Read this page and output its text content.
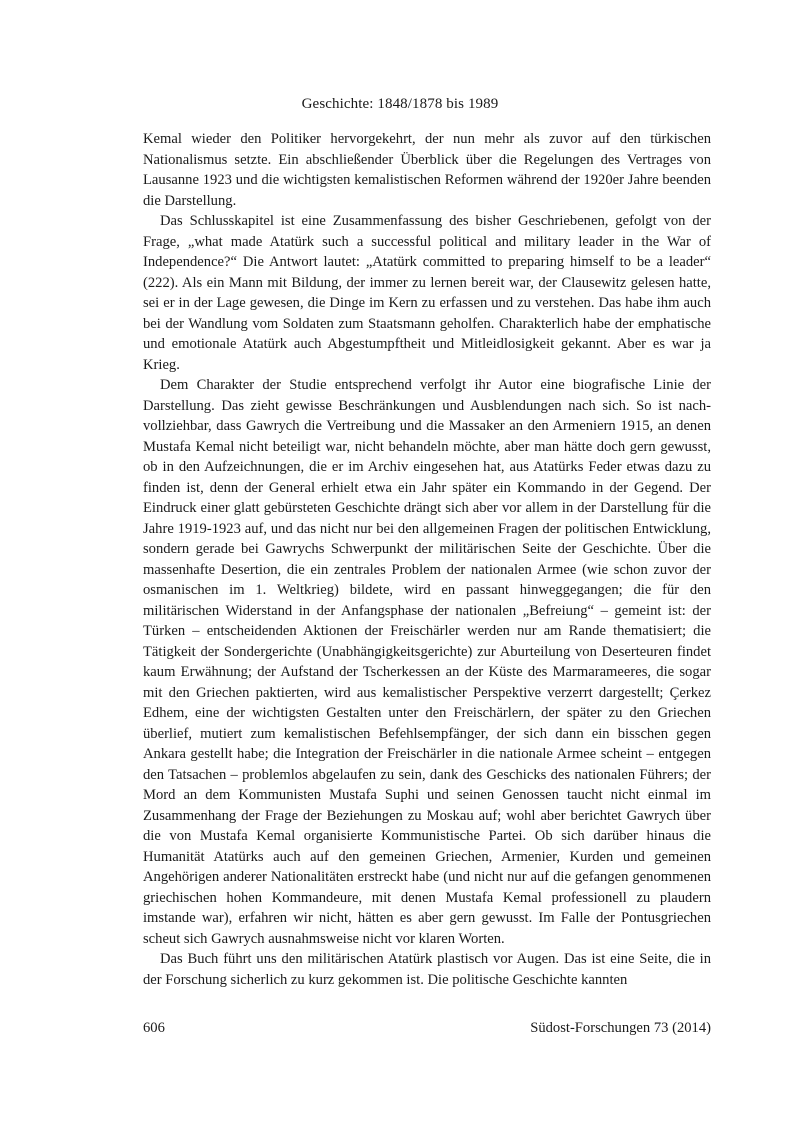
Geschichte: 1848/1878 bis 1989

Kemal wieder den Politiker hervorgekehrt, der nun mehr als zuvor auf den türkischen Nationalismus setzte. Ein abschließender Überblick über die Regelungen des Vertrages von Lausanne 1923 und die wichtigsten kemalistischen Reformen während der 1920er Jahre beenden die Darstellung.

Das Schlusskapitel ist eine Zusammenfassung des bisher Geschriebenen, gefolgt von der Frage, „what made Atatürk such a successful political and military leader in the War of Independence?“ Die Antwort lautet: „Atatürk committed to preparing himself to be a leader“ (222). Als ein Mann mit Bildung, der immer zu lernen bereit war, der Clausewitz gelesen hatte, sei er in der Lage gewesen, die Dinge im Kern zu erfassen und zu verstehen. Das habe ihm auch bei der Wandlung vom Soldaten zum Staatsmann geholfen. Charakterlich habe der emphatische und emotionale Atatürk auch Abgestumpftheit und Mitleidlosigkeit gekannt. Aber es war ja Krieg.

Dem Charakter der Studie entsprechend verfolgt ihr Autor eine biografische Linie der Darstellung. Das zieht gewisse Beschränkungen und Ausblendungen nach sich. So ist nachvollziehbar, dass Gawrych die Vertreibung und die Massaker an den Armeniern 1915, an denen Mustafa Kemal nicht beteiligt war, nicht behandeln möchte, aber man hätte doch gern gewusst, ob in den Aufzeichnungen, die er im Archiv eingesehen hat, aus Atatürks Feder etwas dazu zu finden ist, denn der General erhielt etwa ein Jahr später ein Kommando in der Gegend. Der Eindruck einer glatt gebürsteten Geschichte drängt sich aber vor allem in der Darstellung für die Jahre 1919-1923 auf, und das nicht nur bei den allgemeinen Fragen der politischen Entwicklung, sondern gerade bei Gawrychs Schwerpunkt der militärischen Seite der Geschichte. Über die massenhafte Desertion, die ein zentrales Problem der nationalen Armee (wie schon zuvor der osmanischen im 1. Weltkrieg) bildete, wird en passant hinweggegangen; die für den militärischen Widerstand in der Anfangsphase der nationalen „Befreiung“ – gemeint ist: der Türken – entscheidenden Aktionen der Freischärler werden nur am Rande thematisiert; die Tätigkeit der Sondergerichte (Unabhängigkeitsgerichte) zur Aburteilung von Deserteuren findet kaum Erwähnung; der Aufstand der Tscherkessen an der Küste des Marmarameeres, die sogar mit den Griechen paktierten, wird aus kemalistischer Perspektive verzerrt dargestellt; Çerkez Edhem, eine der wichtigsten Gestalten unter den Freischärlern, der später zu den Griechen überlief, mutiert zum kemalistischen Befehlsempfänger, der sich dann ein bisschen gegen Ankara gestellt habe; die Integration der Freischärler in die nationale Armee scheint – entgegen den Tatsachen – problemlos abgelaufen zu sein, dank des Geschicks des nationalen Führers; der Mord an dem Kommunisten Mustafa Suphi und seinen Genossen taucht nicht einmal im Zusammenhang der Frage der Beziehungen zu Moskau auf; wohl aber berichtet Gawrych über die von Mustafa Kemal organisierte Kommunistische Partei. Ob sich darüber hinaus die Humanität Atatürks auch auf den gemeinen Griechen, Armenier, Kurden und gemeinen Angehörigen anderer Nationalitäten erstreckt habe (und nicht nur auf die gefangen genommenen griechischen hohen Kommandeure, mit denen Mustafa Kemal professionell zu plaudern imstande war), erfahren wir nicht, hätten es aber gern gewusst. Im Falle der Pontusgriechen scheut sich Gawrych ausnahmsweise nicht vor klaren Worten.

Das Buch führt uns den militärischen Atatürk plastisch vor Augen. Das ist eine Seite, die in der Forschung sicherlich zu kurz gekommen ist. Die politische Geschichte kannten

606	Südost-Forschungen 73 (2014)
